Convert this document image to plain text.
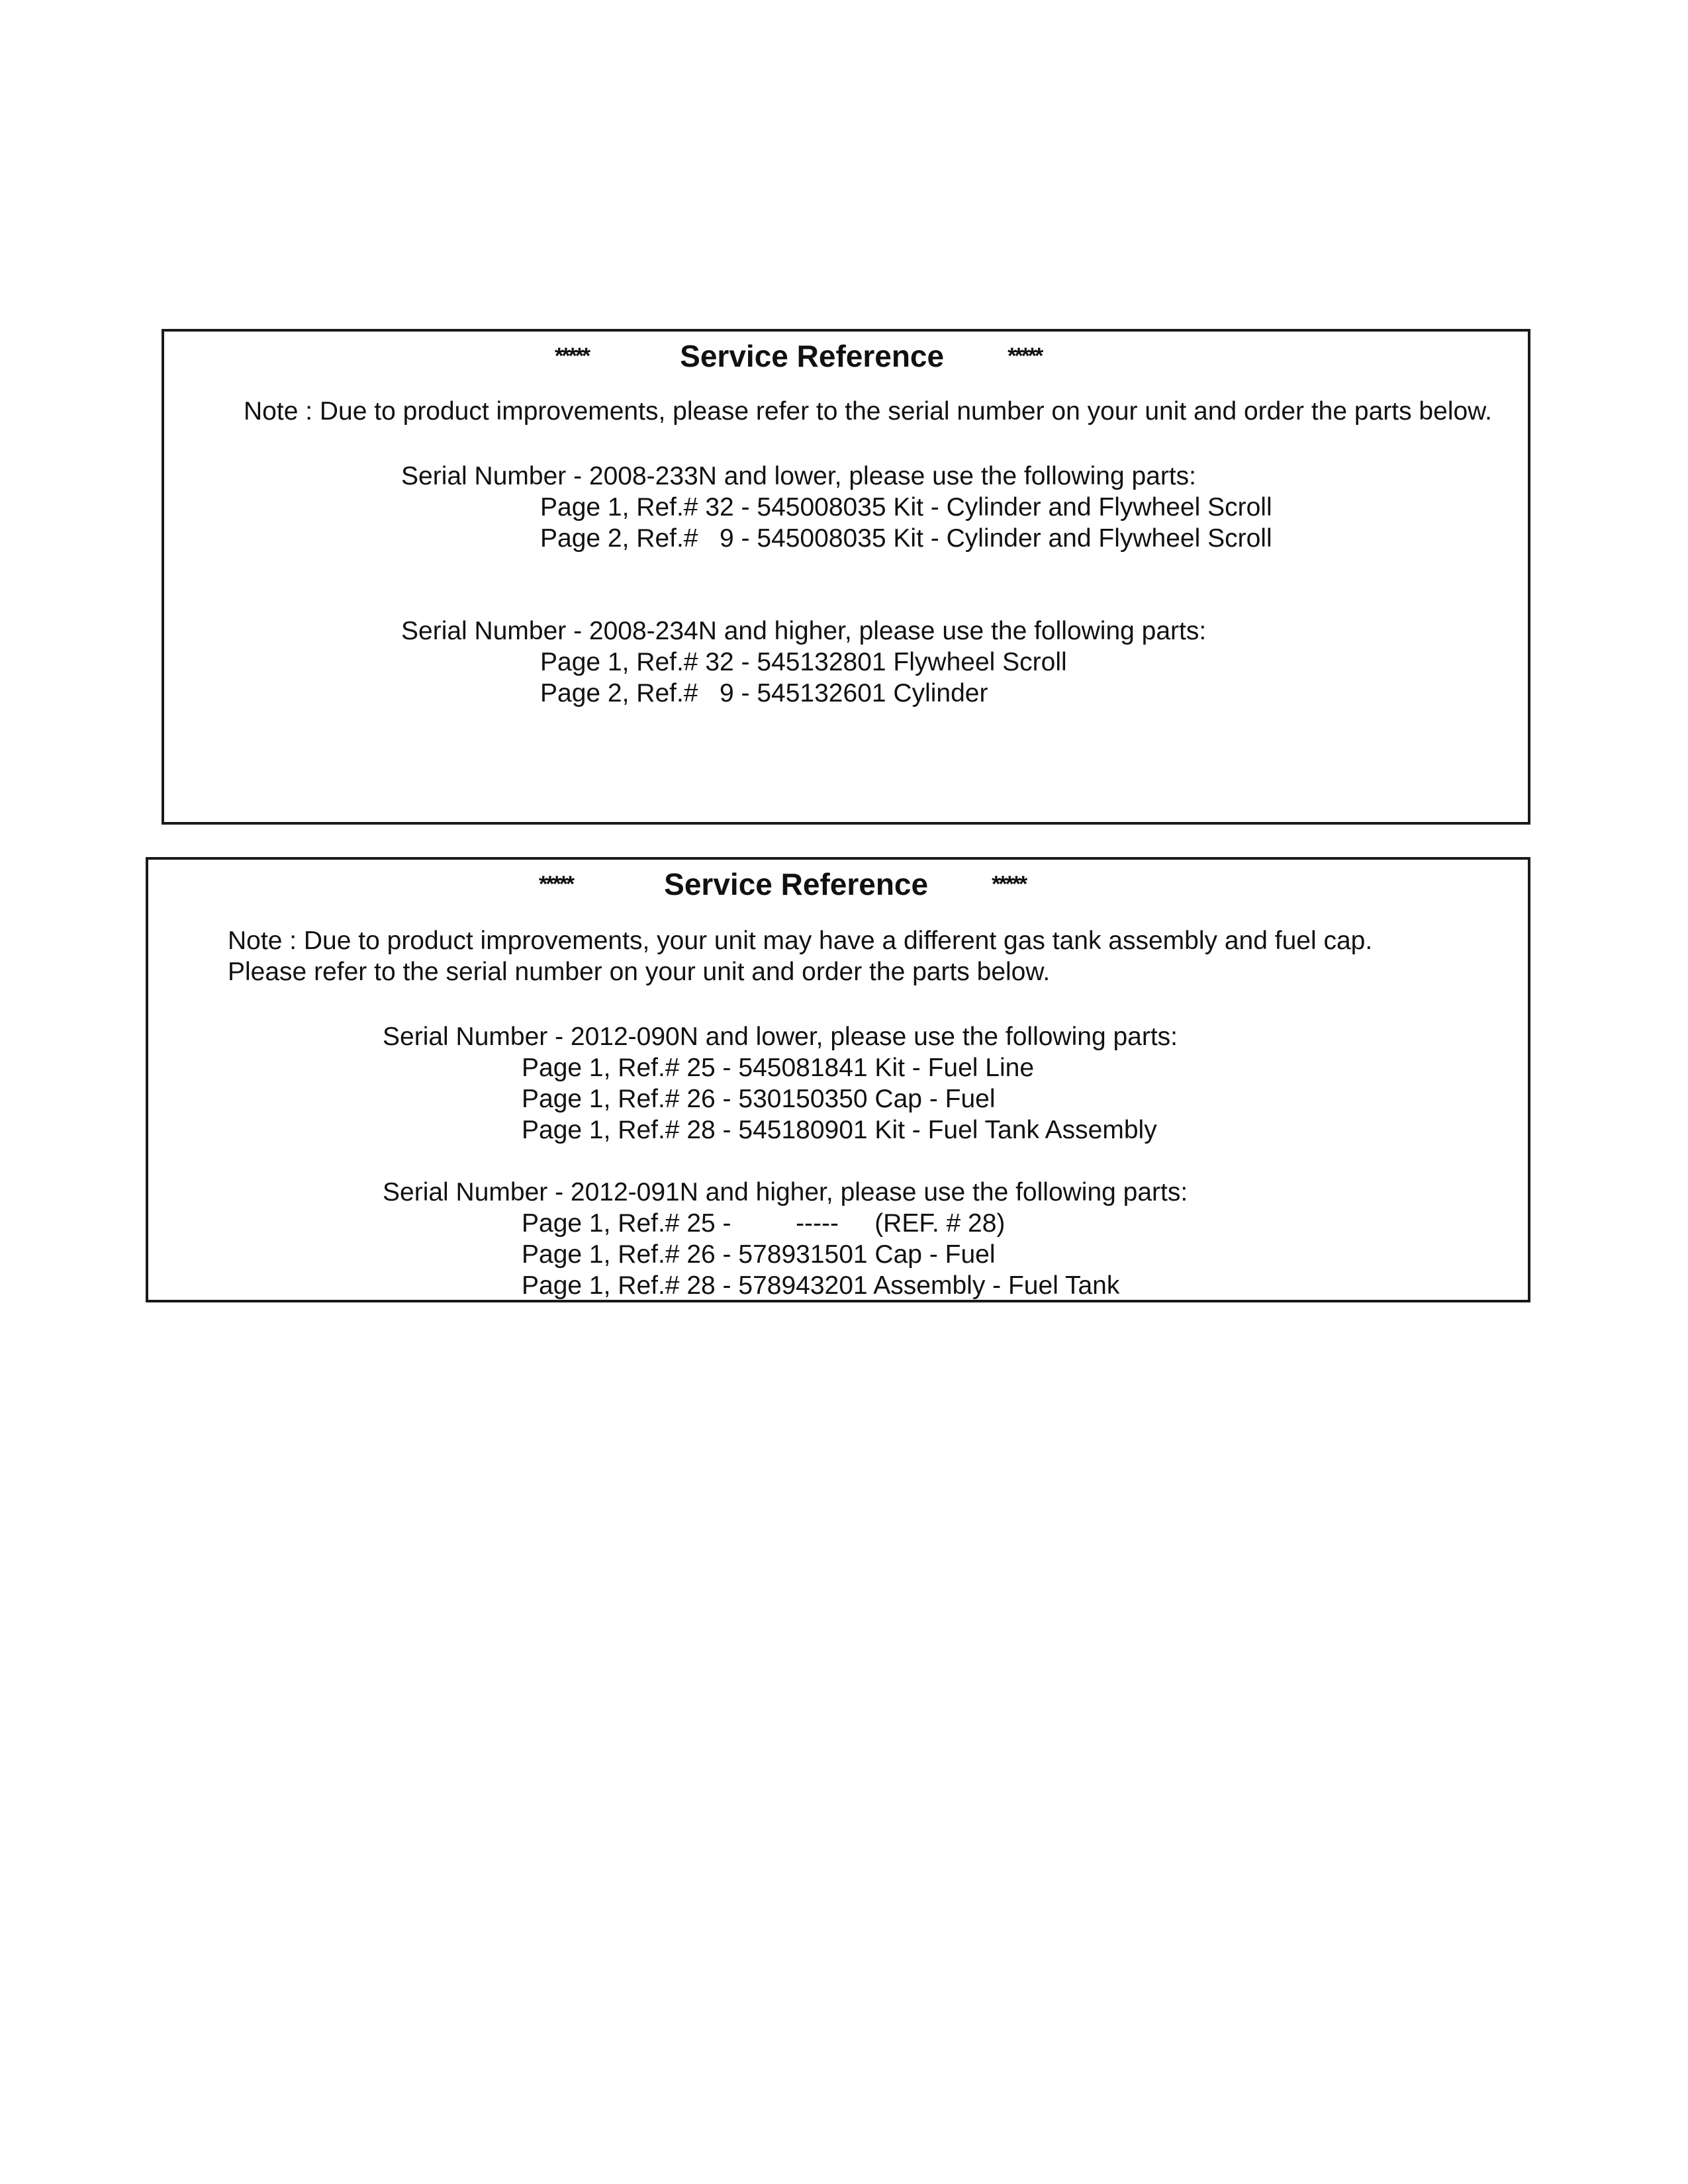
*****	Service Reference	*****
Note : Due to product improvements, please refer to the serial number on your unit and order the parts below.
Serial Number - 2008-233N and lower, please use the following parts:
Page 1, Ref.# 32 - 545008035 Kit - Cylinder and Flywheel Scroll
Page 2, Ref.#   9 - 545008035 Kit - Cylinder and Flywheel Scroll
Serial Number - 2008-234N and higher, please use the following parts:
Page 1, Ref.# 32 - 545132801 Flywheel Scroll
Page 2, Ref.#   9 - 545132601 Cylinder
*****	Service Reference	*****
Note : Due to product improvements, your unit may have a different gas tank assembly and fuel cap.
Please refer to the serial number on your unit and order the parts below.
Serial Number - 2012-090N and lower, please use the following parts:
Page 1, Ref.# 25 - 545081841 Kit - Fuel Line
Page 1, Ref.# 26 - 530150350 Cap - Fuel
Page 1, Ref.# 28 - 545180901 Kit - Fuel Tank Assembly
Serial Number - 2012-091N and higher, please use the following parts:
Page 1, Ref.# 25 -         -----     (REF. # 28)
Page 1, Ref.# 26 - 578931501 Cap - Fuel
Page 1, Ref.# 28 - 578943201 Assembly - Fuel Tank
